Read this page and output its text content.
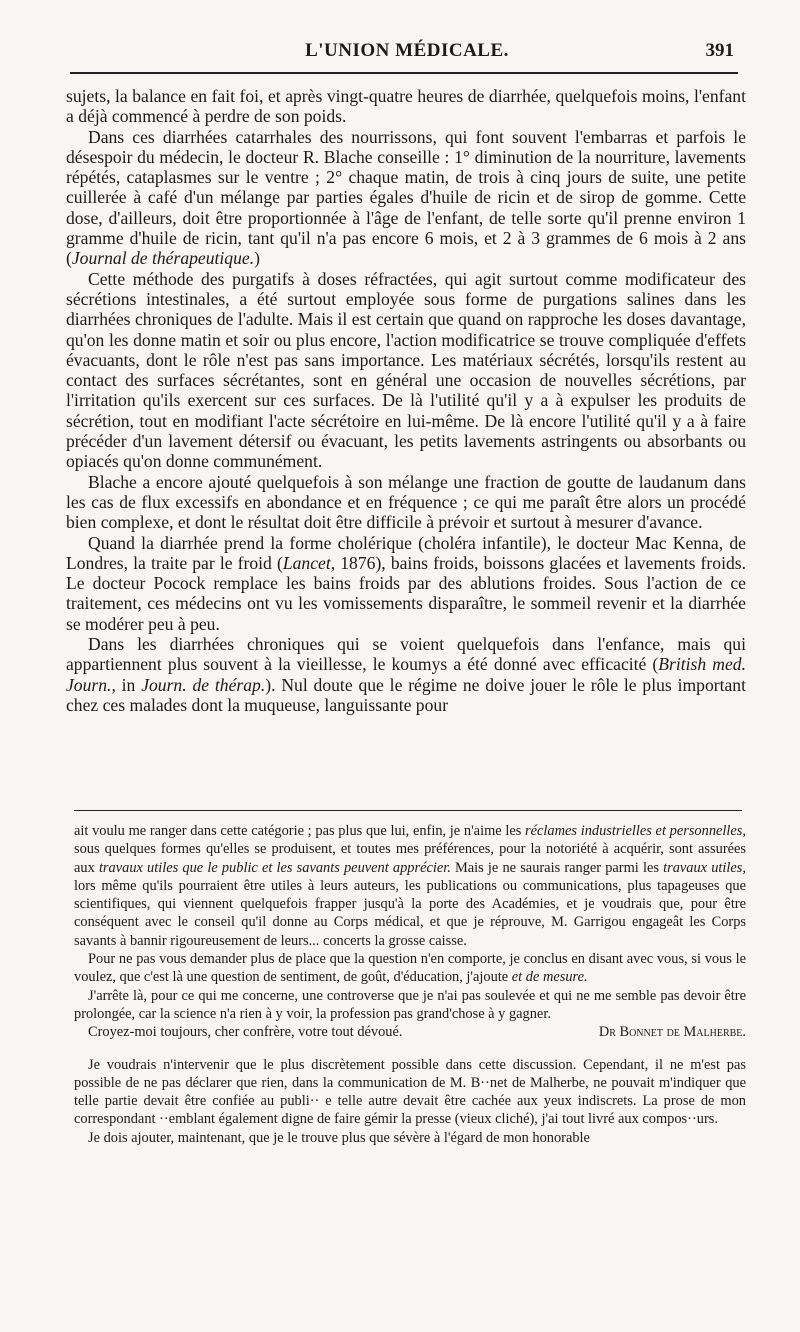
L'UNION MÉDICALE.	391

sujets, la balance en fait foi, et après vingt-quatre heures de diarrhée, quelquefois moins, l'enfant a déjà commencé à perdre de son poids.

Dans ces diarrhées catarrhales des nourrissons, qui font souvent l'embarras et parfois le désespoir du médecin, le docteur R. Blache conseille : 1° diminution de la nourriture, lavements répétés, cataplasmes sur le ventre ; 2° chaque matin, de trois à cinq jours de suite, une petite cuillerée à café d'un mélange par parties égales d'huile de ricin et de sirop de gomme. Cette dose, d'ailleurs, doit être proportionnée à l'âge de l'enfant, de telle sorte qu'il prenne environ 1 gramme d'huile de ricin, tant qu'il n'a pas encore 6 mois, et 2 à 3 grammes de 6 mois à 2 ans (Journal de thérapeutique.)

Cette méthode des purgatifs à doses réfractées, qui agit surtout comme modificateur des sécrétions intestinales, a été surtout employée sous forme de purgations salines dans les diarrhées chroniques de l'adulte. Mais il est certain que quand on rapproche les doses davantage, qu'on les donne matin et soir ou plus encore, l'action modificatrice se trouve compliquée d'effets évacuants, dont le rôle n'est pas sans importance. Les matériaux sécrétés, lorsqu'ils restent au contact des surfaces sécrétantes, sont en général une occasion de nouvelles sécrétions, par l'irritation qu'ils exercent sur ces surfaces. De là l'utilité qu'il y a à expulser les produits de sécrétion, tout en modifiant l'acte sécrétoire en lui-même. De là encore l'utilité qu'il y a à faire précéder d'un lavement détersif ou évacuant, les petits lavements astringents ou absorbants ou opiacés qu'on donne communément.

Blache a encore ajouté quelquefois à son mélange une fraction de goutte de laudanum dans les cas de flux excessifs en abondance et en fréquence ; ce qui me paraît être alors un procédé bien complexe, et dont le résultat doit être difficile à prévoir et surtout à mesurer d'avance.

Quand la diarrhée prend la forme cholérique (choléra infantile), le docteur Mac Kenna, de Londres, la traite par le froid (Lancet, 1876), bains froids, boissons glacées et lavements froids. Le docteur Pocock remplace les bains froids par des ablutions froides. Sous l'action de ce traitement, ces médecins ont vu les vomissements disparaître, le sommeil revenir et la diarrhée se modérer peu à peu.

Dans les diarrhées chroniques qui se voient quelquefois dans l'enfance, mais qui appartiennent plus souvent à la vieillesse, le koumys a été donné avec efficacité (British med. Journ., in Journ. de thérap.). Nul doute que le régime ne doive jouer le rôle le plus important chez ces malades dont la muqueuse, languissante pour

ait voulu me ranger dans cette catégorie ; pas plus que lui, enfin, je n'aime les réclames industrielles et personnelles, sous quelques formes qu'elles se produisent, et toutes mes préférences, pour la notoriété à acquérir, sont assurées aux travaux utiles que le public et les savants peuvent apprécier. Mais je ne saurais ranger parmi les travaux utiles, lors même qu'ils pourraient être utiles à leurs auteurs, les publications ou communications, plus tapageuses que scientifiques, qui viennent quelquefois frapper jusqu'à la porte des Académies, et je voudrais que, pour être conséquent avec le conseil qu'il donne au Corps médical, et que je réprouve, M. Garrigou engageât les Corps savants à bannir rigoureusement de leurs... concerts la grosse caisse.

Pour ne pas vous demander plus de place que la question n'en comporte, je conclus en disant avec vous, si vous le voulez, que c'est là une question de sentiment, de goût, d'éducation, j'ajoute et de mesure.

J'arrête là, pour ce qui me concerne, une controverse que je n'ai pas soulevée et qui ne me semble pas devoir être prolongée, car la science n'a rien à y voir, la profession pas grand'chose à y gagner.

Croyez-moi toujours, cher confrère, votre tout dévoué.	Dr Bonnet de Malherbe.

Je voudrais n'intervenir que le plus discrètement possible dans cette discussion. Cependant, il ne m'est pas possible de ne pas déclarer que rien, dans la communication de M. B··net de Malherbe, ne pouvait m'indiquer que telle partie devait être confiée au publi·· e telle autre devait être cachée aux yeux indiscrets. La prose de mon correspondant ··emblant également digne de faire gémir la presse (vieux cliché), j'ai tout livré aux compos··urs.

Je dois ajouter, maintenant, que je le trouve plus que sévère à l'égard de mon honorable
